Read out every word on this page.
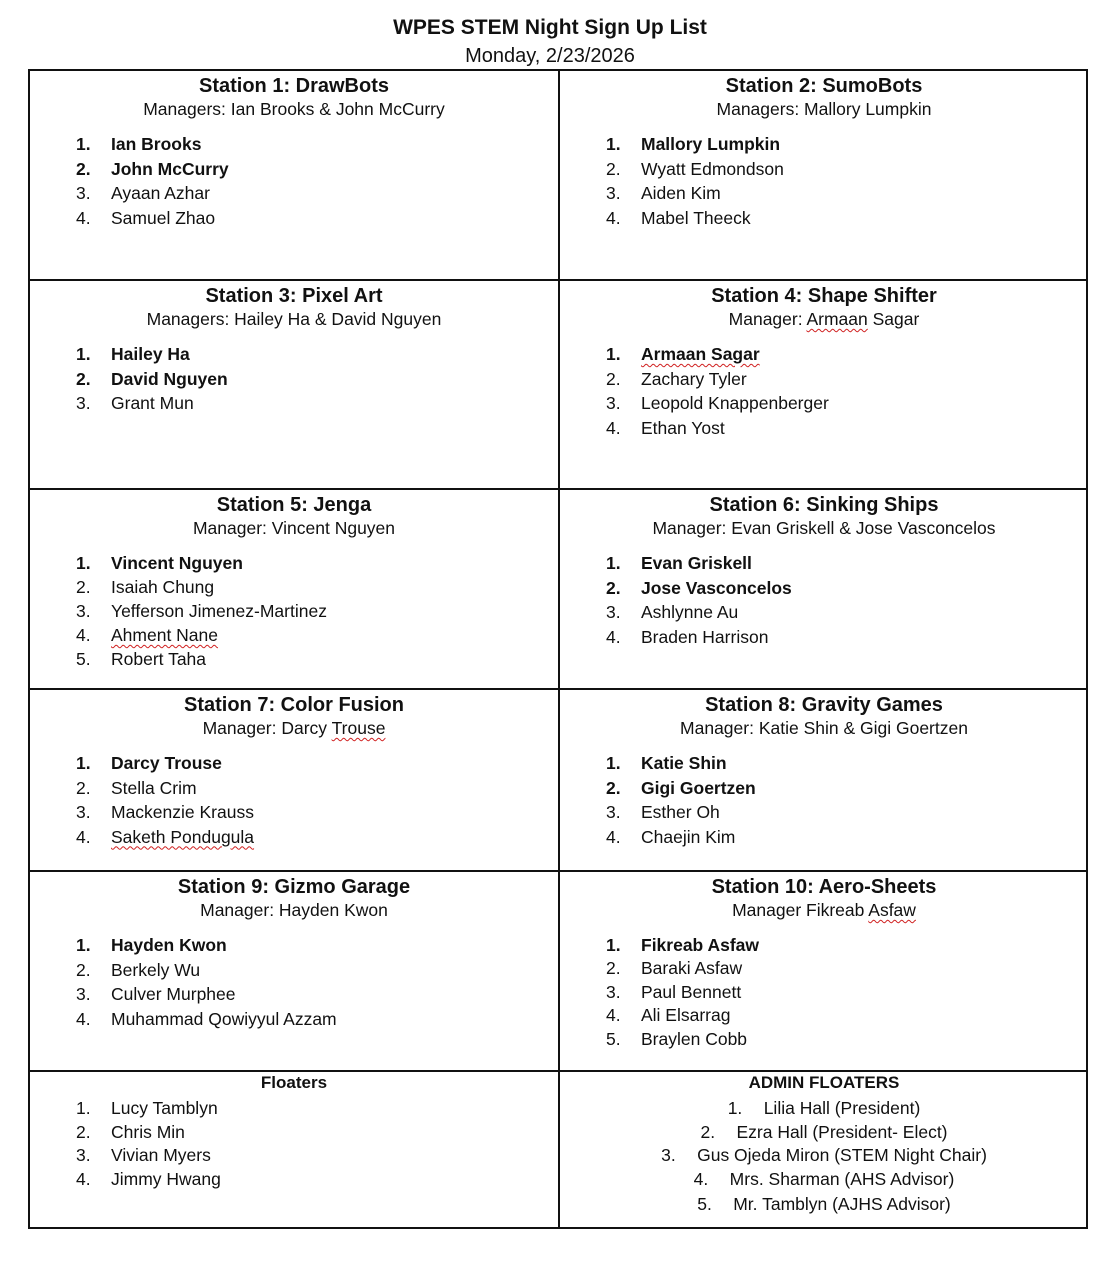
WPES STEM Night Sign Up List
Monday, 2/23/2026
Station 1: DrawBots
Managers: Ian Brooks & John McCurry
1.	Ian Brooks
2.	John McCurry
3.	Ayaan Azhar
4.	Samuel Zhao
Station 2: SumoBots
Managers: Mallory Lumpkin
1.	Mallory Lumpkin
2.	Wyatt Edmondson
3.	Aiden Kim
4.	Mabel Theeck
Station 3: Pixel Art
Managers: Hailey Ha & David Nguyen
1.	Hailey Ha
2.	David Nguyen
3.	Grant Mun
Station 4: Shape Shifter
Manager: Armaan Sagar
1.	Armaan Sagar
2.	Zachary Tyler
3.	Leopold Knappenberger
4.	Ethan Yost
Station 5: Jenga
Manager: Vincent Nguyen
1.	Vincent Nguyen
2.	Isaiah Chung
3.	Yefferson Jimenez-Martinez
4.	Ahment Nane
5.	Robert Taha
Station 6: Sinking Ships
Manager: Evan Griskell & Jose Vasconcelos
1.	Evan Griskell
2.	Jose Vasconcelos
3.	Ashlynne Au
4.	Braden Harrison
Station 7: Color Fusion
Manager: Darcy Trouse
1.	Darcy Trouse
2.	Stella Crim
3.	Mackenzie Krauss
4.	Saketh Pondugula
Station 8: Gravity Games
Manager: Katie Shin & Gigi Goertzen
1.	Katie Shin
2.	Gigi Goertzen
3.	Esther Oh
4.	Chaejin Kim
Station 9: Gizmo Garage
Manager: Hayden Kwon
1.	Hayden Kwon
2.	Berkely Wu
3.	Culver Murphee
4.	Muhammad Qowiyyul Azzam
Station 10: Aero-Sheets
Manager Fikreab Asfaw
1.	Fikreab Asfaw
2.	Baraki Asfaw
3.	Paul Bennett
4.	Ali Elsarrag
5.	Braylen Cobb
Floaters
1.	Lucy Tamblyn
2.	Chris Min
3.	Vivian Myers
4.	Jimmy Hwang
ADMIN FLOATERS
1. Lilia Hall (President)
2. Ezra Hall (President- Elect)
3. Gus Ojeda Miron (STEM Night Chair)
4. Mrs. Sharman (AHS Advisor)
5. Mr. Tamblyn (AJHS Advisor)
